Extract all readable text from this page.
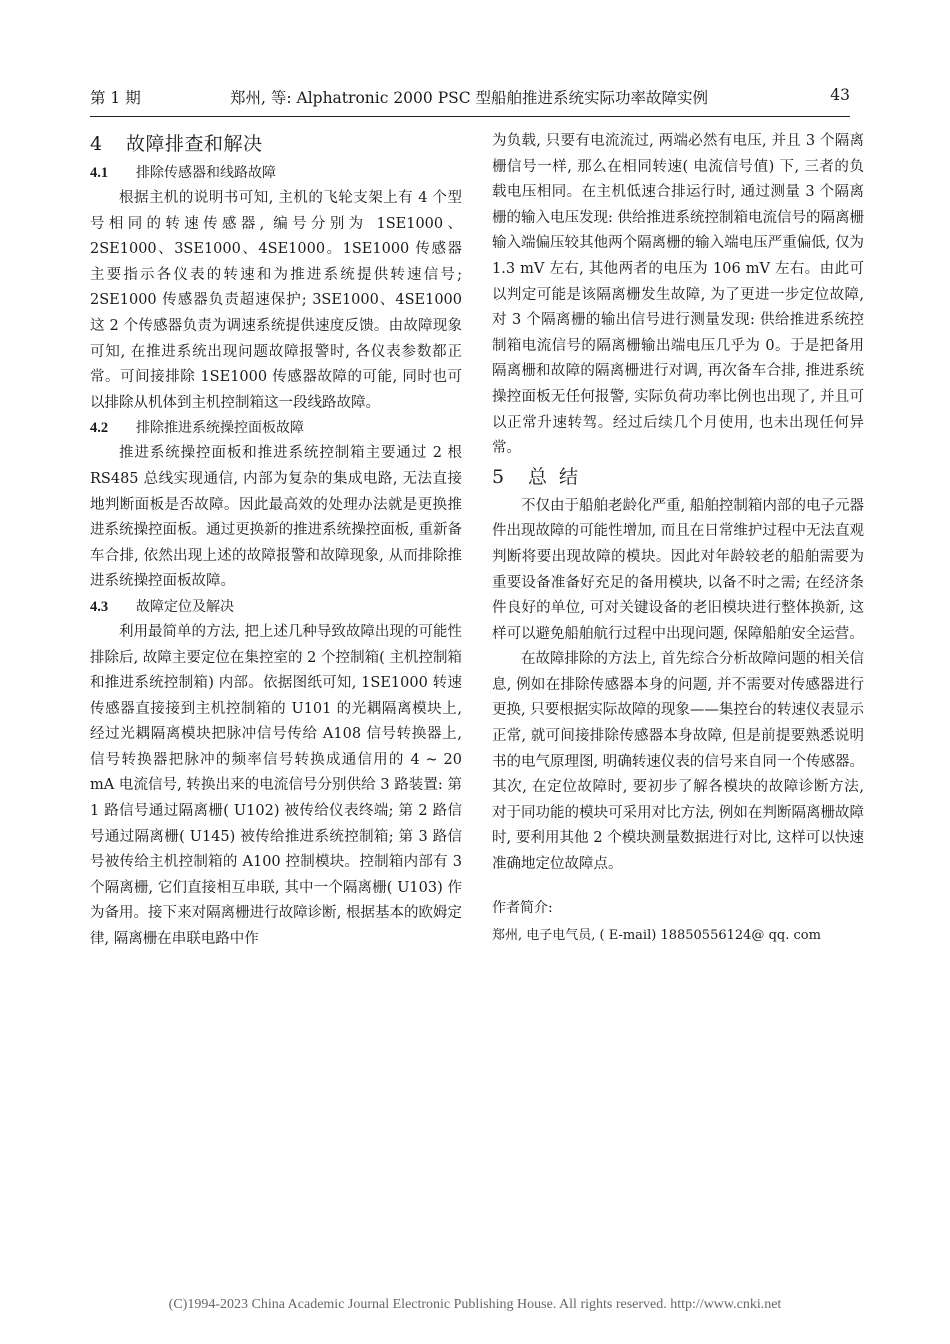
第 1 期	郑州, 等: Alphatronic 2000 PSC 型船舶推进系统实际功率故障实例	43
4	故障排查和解决
4.1	排除传感器和线路故障

根据主机的说明书可知, 主机的飞轮支架上有 4 个型号相同的转速传感器, 编号分别为 1SE1000、2SE1000、3SE1000、4SE1000。1SE1000 传感器主要指示各仪表的转速和为推进系统提供转速信号; 2SE1000 传感器负责超速保护; 3SE1000、4SE1000 这 2 个传感器负责为调速系统提供速度反馈。由故障现象可知, 在推进系统出现问题故障报警时, 各仪表参数都正常。可间接排除 1SE1000 传感器故障的可能, 同时也可以排除从机体到主机控制箱这一段线路故障。

4.2	排除推进系统操控面板故障

推进系统操控面板和推进系统控制箱主要通过 2 根 RS485 总线实现通信, 内部为复杂的集成电路, 无法直接地判断面板是否故障。因此最高效的处理办法就是更换推进系统操控面板。通过更换新的推进系统操控面板, 重新备车合排, 依然出现上述的故障报警和故障现象, 从而排除推进系统操控面板故障。

4.3	故障定位及解决

利用最简单的方法, 把上述几种导致故障出现的可能性排除后, 故障主要定位在集控室的 2 个控制箱( 主机控制箱和推进系统控制箱) 内部。依据图纸可知, 1SE1000 转速传感器直接接到主机控制箱的 U101 的光耦隔离模块上, 经过光耦隔离模块把脉冲信号传给 A108 信号转换器上, 信号转换器把脉冲的频率信号转换成通信用的 4 ~ 20 mA 电流信号, 转换出来的电流信号分别供给 3 路装置: 第 1 路信号通过隔离栅( U102) 被传给仪表终端; 第 2 路信号通过隔离栅( U145) 被传给推进系统控制箱; 第 3 路信号被传给主机控制箱的 A100 控制模块。控制箱内部有 3 个隔离栅, 它们直接相互串联, 其中一个隔离栅( U103) 作为备用。接下来对隔离栅进行故障诊断, 根据基本的欧姆定律, 隔离栅在串联电路中作

为负载, 只要有电流流过, 两端必然有电压, 并且 3 个隔离栅信号一样, 那么在相同转速( 电流信号值) 下, 三者的负载电压相同。在主机低速合排运行时, 通过测量 3 个隔离栅的输入电压发现: 供给推进系统控制箱电流信号的隔离栅输入端偏压较其他两个隔离栅的输入端电压严重偏低, 仅为 1.3 mV 左右, 其他两者的电压为 106 mV 左右。由此可以判定可能是该隔离栅发生故障, 为了更进一步定位故障, 对 3 个隔离栅的输出信号进行测量发现: 供给推进系统控制箱电流信号的隔离栅输出端电压几乎为 0。于是把备用隔离栅和故障的隔离栅进行对调, 再次备车合排, 推进系统操控面板无任何报警, 实际负荷功率比例也出现了, 并且可以正常升速转驾。经过后续几个月使用, 也未出现任何异常。

5	总结

不仅由于船舶老龄化严重, 船舶控制箱内部的电子元器件出现故障的可能性增加, 而且在日常维护过程中无法直观判断将要出现故障的模块。因此对年龄较老的船舶需要为重要设备准备好充足的备用模块, 以备不时之需; 在经济条件良好的单位, 可对关键设备的老旧模块进行整体换新, 这样可以避免船舶航行过程中出现问题, 保障船舶安全运营。

在故障排除的方法上, 首先综合分析故障问题的相关信息, 例如在排除传感器本身的问题, 并不需要对传感器进行更换, 只要根据实际故障的现象——集控台的转速仪表显示正常, 就可间接排除传感器本身故障, 但是前提要熟悉说明书的电气原理图, 明确转速仪表的信号来自同一个传感器。其次, 在定位故障时, 要初步了解各模块的故障诊断方法, 对于同功能的模块可采用对比方法, 例如在判断隔离栅故障时, 要利用其他 2 个模块测量数据进行对比, 这样可以快速准确地定位故障点。

作者简介:
郑州, 电子电气员, ( E-mail) 18850556124@ qq. com
(C)1994-2023 China Academic Journal Electronic Publishing House. All rights reserved. http://www.cnki.net
